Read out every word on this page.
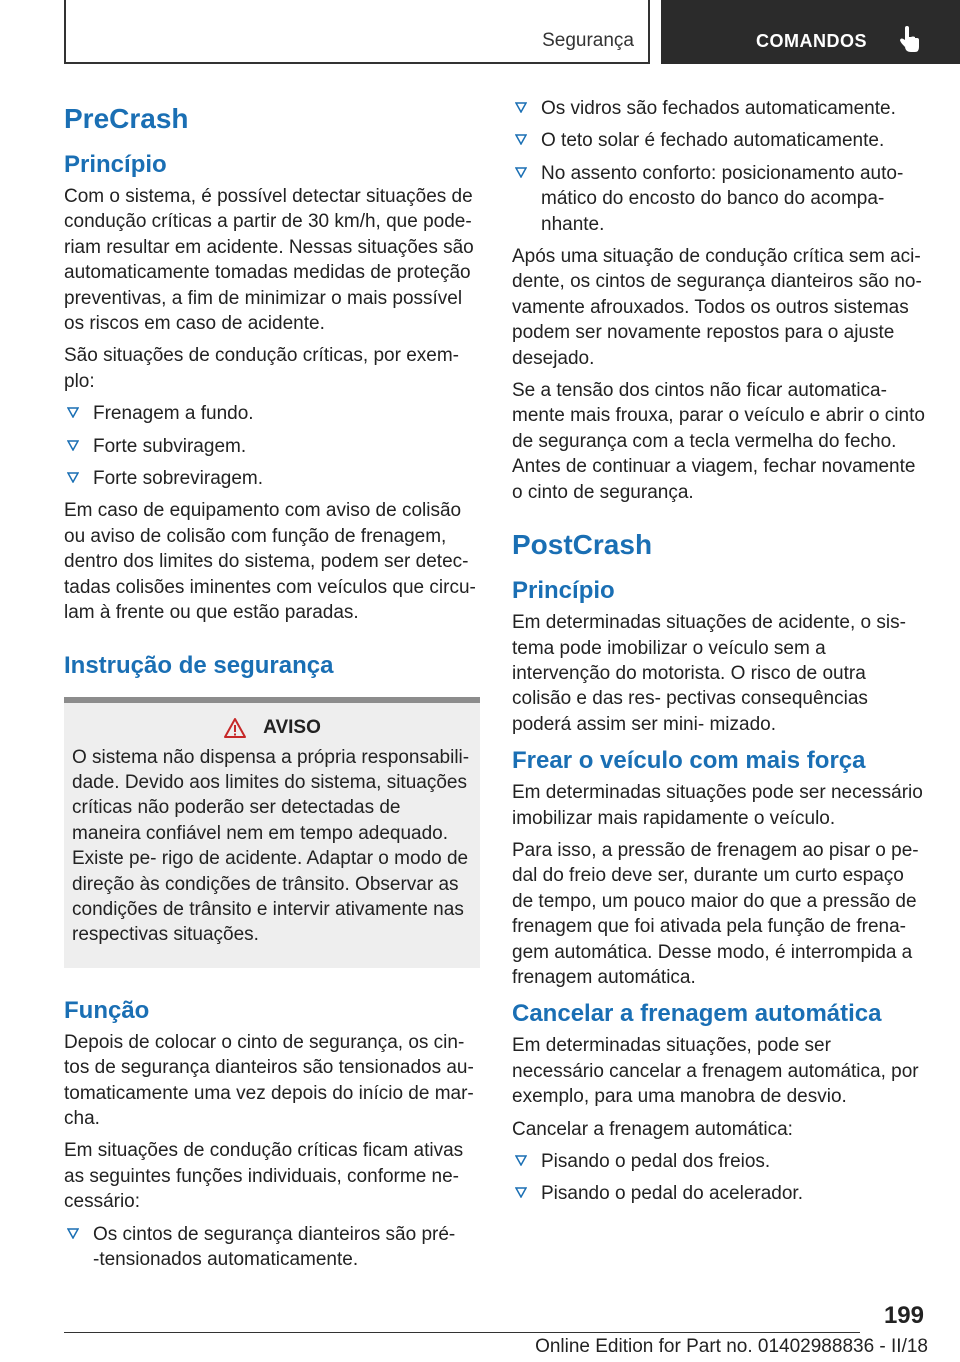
Segurança	COMANDOS
PreCrash
Princípio

Com o sistema, é possível detectar situações de condução críticas a partir de 30 km/h, que pode‐ riam resultar em acidente. Nessas situações são automaticamente tomadas medidas de proteção preventivas, a fim de minimizar o mais possível os riscos em caso de acidente.

São situações de condução críticas, por exem‐ plo:

Frenagem a fundo.
Forte subviragem.
Forte sobreviragem.

Em caso de equipamento com aviso de colisão ou aviso de colisão com função de frenagem, dentro dos limites do sistema, podem ser detec‐ tadas colisões iminentes com veículos que circu‐ lam à frente ou que estão paradas.

Instrução de segurança
AVISO

O sistema não dispensa a própria responsabili‐ dade. Devido aos limites do sistema, situações críticas não poderão ser detectadas de maneira confiável nem em tempo adequado. Existe pe‐ rigo de acidente. Adaptar o modo de direção às condições de trânsito. Observar as condições de trânsito e intervir ativamente nas respectivas situações.

Função

Depois de colocar o cinto de segurança, os cin‐ tos de segurança dianteiros são tensionados au‐ tomaticamente uma vez depois do início de mar‐ cha.

Em situações de condução críticas ficam ativas as seguintes funções individuais, conforme ne‐ cessário:

Os cintos de segurança dianteiros são pré- ‑tensionados automaticamente.
Os vidros são fechados automaticamente.
O teto solar é fechado automaticamente.
No assento conforto: posicionamento auto‐ mático do encosto do banco do acompa‐ nhante.

Após uma situação de condução crítica sem aci‐ dente, os cintos de segurança dianteiros são no‐ vamente afrouxados. Todos os outros sistemas podem ser novamente repostos para o ajuste desejado.

Se a tensão dos cintos não ficar automatica‐ mente mais frouxa, parar o veículo e abrir o cinto de segurança com a tecla vermelha do fecho. Antes de continuar a viagem, fechar novamente o cinto de segurança.

PostCrash
Princípio

Em determinadas situações de acidente, o sis‐ tema pode imobilizar o veículo sem a intervenção do motorista. O risco de outra colisão e das res‐ pectivas consequências poderá assim ser mini‐ mizado.

Frear o veículo com mais força

Em determinadas situações pode ser necessário imobilizar mais rapidamente o veículo.

Para isso, a pressão de frenagem ao pisar o pe‐ dal do freio deve ser, durante um curto espaço de tempo, um pouco maior do que a pressão de frenagem que foi ativada pela função de frena‐ gem automática. Desse modo, é interrompida a frenagem automática.

Cancelar a frenagem automática

Em determinadas situações, pode ser necessário cancelar a frenagem automática, por exemplo, para uma manobra de desvio.

Cancelar a frenagem automática:

Pisando o pedal dos freios.
Pisando o pedal do acelerador.
199
Online Edition for Part no. 01402988836 - II/18
